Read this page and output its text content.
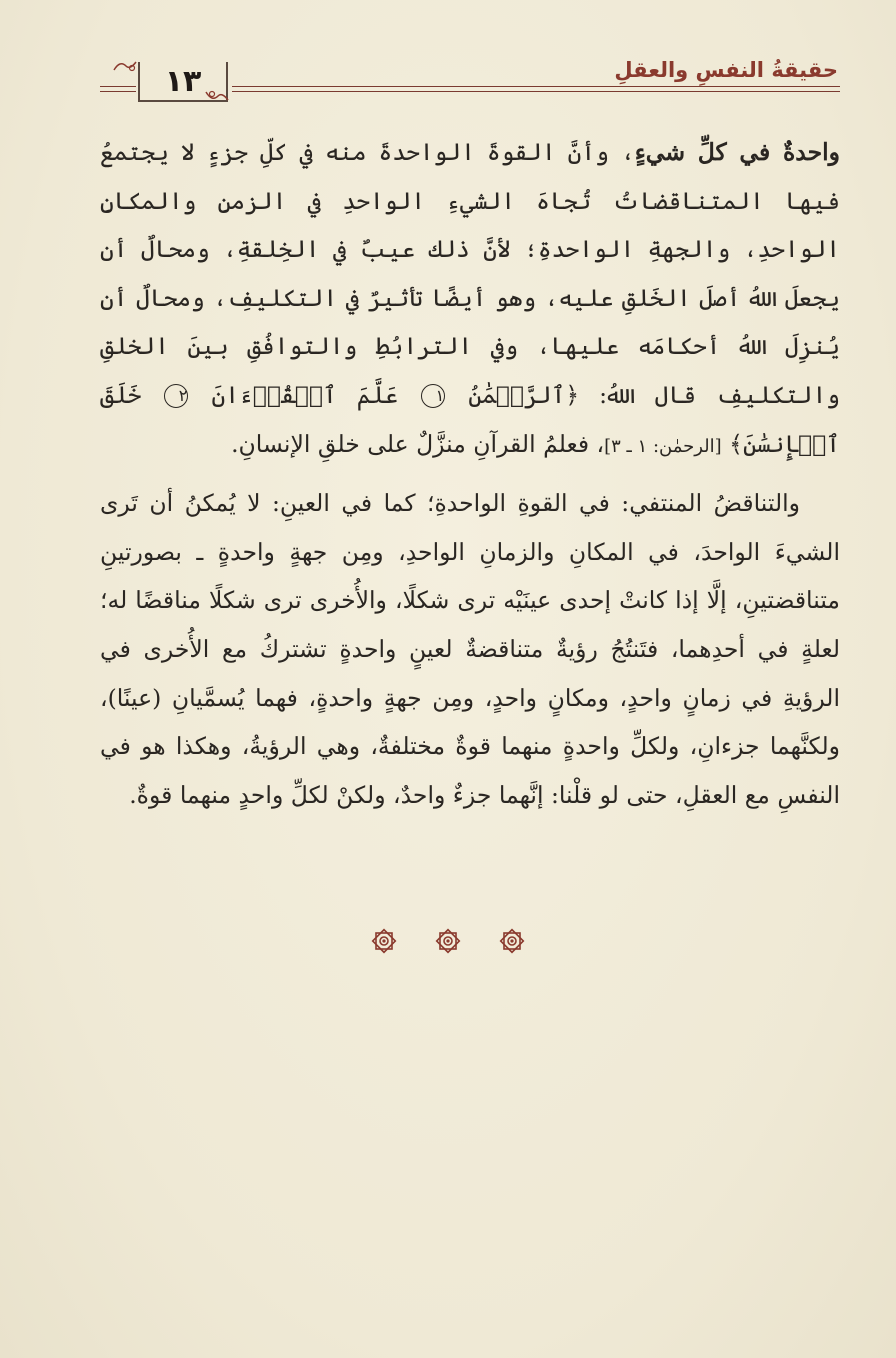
حقيقةُ النفسِ والعقلِ
١٣

واحدةٌ في كلِّ شيءٍ، وأنَّ القوةَ الواحدةَ منه في كلِّ جزءٍ لا يجتمعُ فيها المتناقضاتُ تُجاهَ الشيءِ الواحدِ في الزمنِ والمكانِ الواحدِ، والجهةِ الواحدةِ؛ لأنَّ ذلك عيبٌ في الخِلقةِ، ومحالٌ أن يجعلَ اللهُ أصلَ الخَلقِ عليه، وهو أيضًا تأثيرٌ في التكليفِ، ومحالٌ أن يُنزِلَ اللهُ أحكامَه عليها، وفي الترابُطِ والتوافُقِ بينَ الخلقِ والتكليفِ قال اللهُ: ﴿ٱلرَّحۡمَٰنُ ١ عَلَّمَ ٱلۡقُرۡءَانَ ٢ خَلَقَ ٱلۡإِنسَٰنَ﴾ [الرحمٰن: ١ ـ ٣]، فعلمُ القرآنِ منزَّلٌ على خلقِ الإنسانِ.

والتناقضُ المنتفي: في القوةِ الواحدةِ؛ كما في العينِ: لا يُمكنُ أن تَرى الشيءَ الواحدَ، في المكانِ والزمانِ الواحدِ، ومِن جهةٍ واحدةٍ ـ بصورتينِ متناقضتينِ، إلَّا إذا كانتْ إحدى عينَيْه ترى شكلًا، والأُخرى ترى شكلًا مناقضًا له؛ لعلةٍ في أحدِهما، فتَنتُجُ رؤيةٌ متناقضةٌ لعينٍ واحدةٍ تشتركُ مع الأُخرى في الرؤيةِ في زمانٍ واحدٍ، ومكانٍ واحدٍ، ومِن جهةٍ واحدةٍ، فهما يُسمَّيانِ (عينًا)، ولكنَّهما جزءانِ، ولكلِّ واحدةٍ منهما قوةٌ مختلفةٌ، وهي الرؤيةُ، وهكذا هو في النفسِ مع العقلِ، حتى لو قلْنا: إنَّهما جزءٌ واحدٌ، ولكنْ لكلِّ واحدٍ منهما قوةٌ.
